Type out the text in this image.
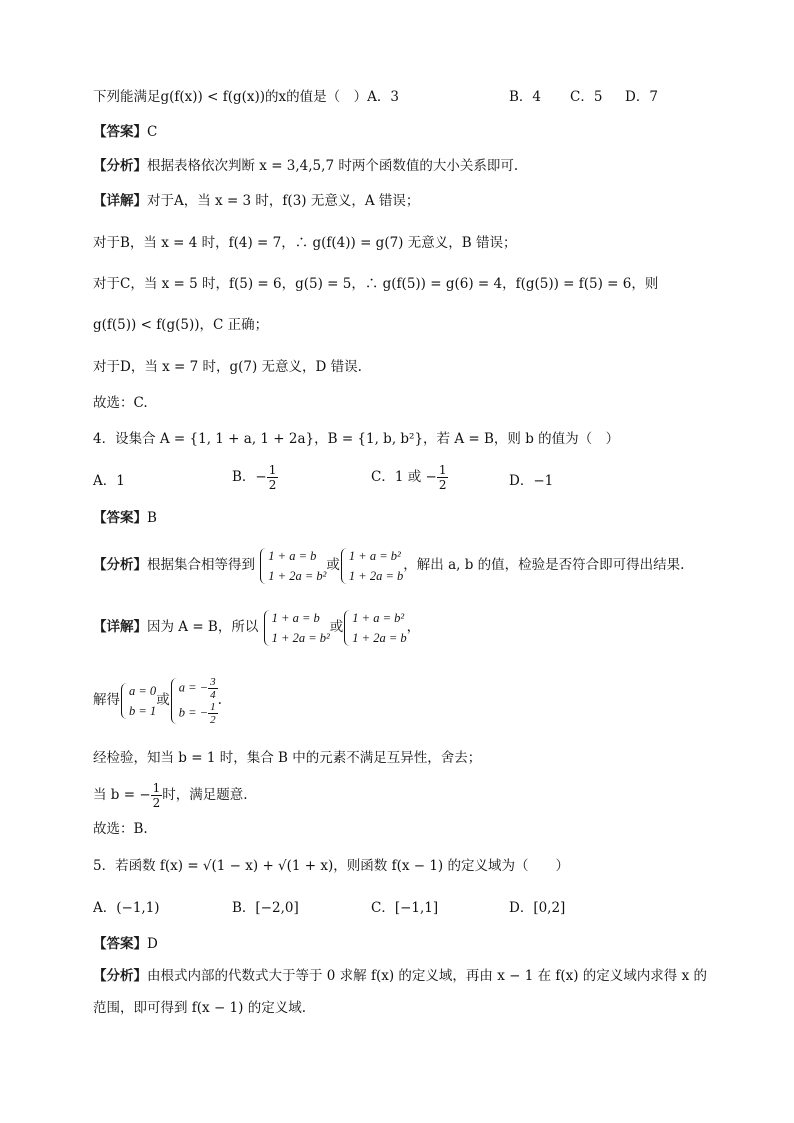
下列能满足g(f(x)) < f(g(x))的x的值是（　）A．3	B．4 C．5 D．7
【答案】C
【分析】根据表格依次判断 x = 3,4,5,7 时两个函数值的大小关系即可.
【详解】对于A，当 x = 3 时，f(3) 无意义，A 错误；
对于B，当 x = 4 时，f(4) = 7，∴ g(f(4)) = g(7) 无意义，B 错误；
对于C，当 x = 5 时，f(5) = 6，g(5) = 5，∴ g(f(5)) = g(6) = 4，f(g(5)) = f(5) = 6，则
g(f(5)) < f(g(5))，C 正确；
对于D，当 x = 7 时，g(7) 无意义，D 错误.
故选：C.
4．设集合 A = {1, 1 + a, 1 + 2a}，B = {1, b, b²}，若 A = B，则 b 的值为（　）
A．1	B．− $\frac{1}{2}$	C．1 或 − $\frac{1}{2}$	D．−1
【答案】B
【分析】根据集合相等得到
1 + a = b
1 + 2a = b²
或
1 + a = b²
1 + 2a = b
，解出 a, b 的值，检验是否符合即可得出结果.
【详解】因为 A = B，所以
1 + a = b
1 + 2a = b²
或
1 + a = b²
1 + 2a = b
，
解得
a = 0
b = 1
或
a = − $\frac{3}{4}$
b = − $\frac{1}{2}$
.
经检验，知当 b = 1 时，集合 B 中的元素不满足互异性，舍去；
当 b = − $\frac{1}{2}$ 时，满足题意.
故选：B.
5．若函数 f(x) = √(1 − x) + √(1 + x)，则函数 f(x − 1) 的定义域为（　　）
A．(−1,1)	B．[−2,0]	C．[−1,1]	D．[0,2]
【答案】D
【分析】由根式内部的代数式大于等于 0 求解 f(x) 的定义域，再由 x − 1 在 f(x) 的定义域内求得 x 的
范围，即可得到 f(x − 1) 的定义域.
